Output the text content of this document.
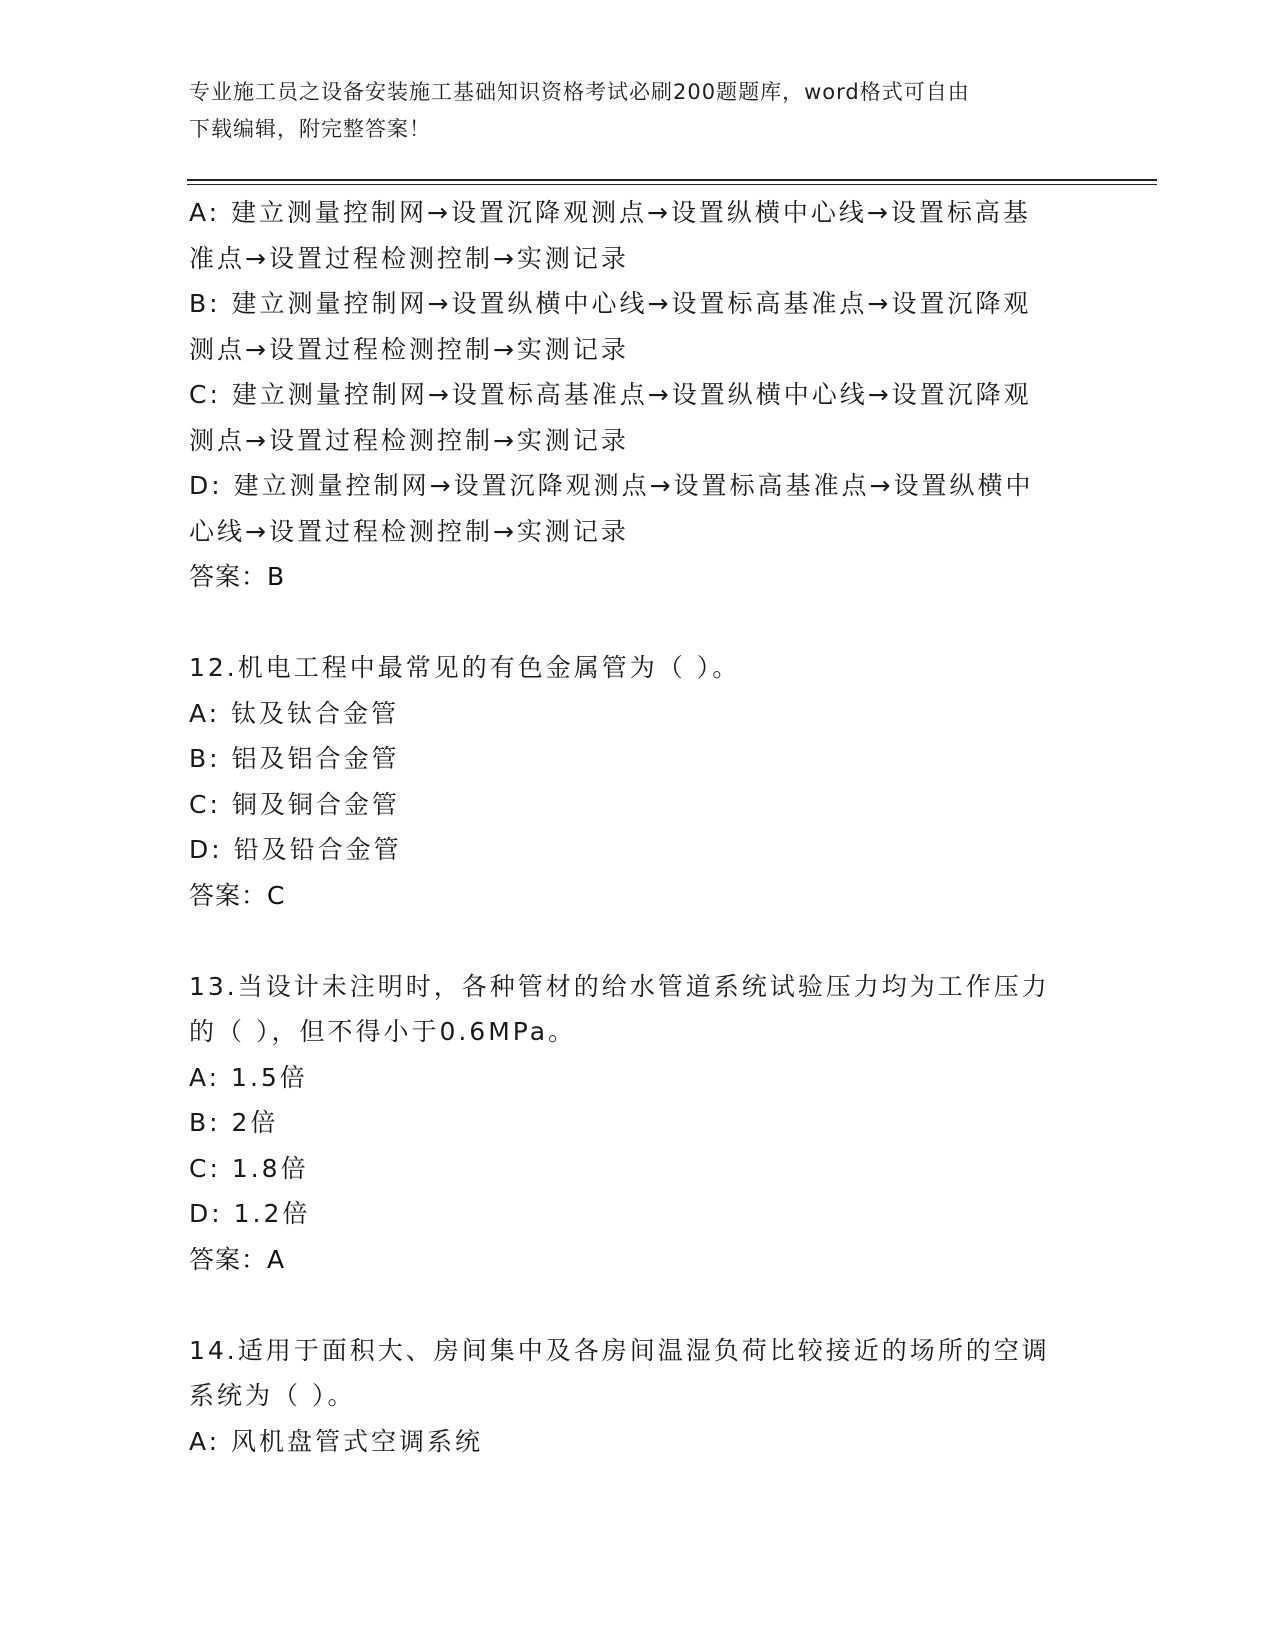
专业施工员之设备安装施工基础知识资格考试必刷200题题库，word格式可自由
下载编辑，附完整答案！
A: 建立测量控制网→设置沉降观测点→设置纵横中心线→设置标高基
准点→设置过程检测控制→实测记录
B: 建立测量控制网→设置纵横中心线→设置标高基准点→设置沉降观
测点→设置过程检测控制→实测记录
C: 建立测量控制网→设置标高基准点→设置纵横中心线→设置沉降观
测点→设置过程检测控制→实测记录
D: 建立测量控制网→设置沉降观测点→设置标高基准点→设置纵横中
心线→设置过程检测控制→实测记录
答案：B
12.机电工程中最常见的有色金属管为（ ）。
A: 钛及钛合金管
B: 铝及铝合金管
C: 铜及铜合金管
D: 铅及铅合金管
答案：C
13.当设计未注明时，各种管材的给水管道系统试验压力均为工作压力
的（ ），但不得小于0.6MPa。
A: 1.5倍
B: 2倍
C: 1.8倍
D: 1.2倍
答案：A
14.适用于面积大、房间集中及各房间温湿负荷比较接近的场所的空调
系统为（ ）。
A: 风机盘管式空调系统
